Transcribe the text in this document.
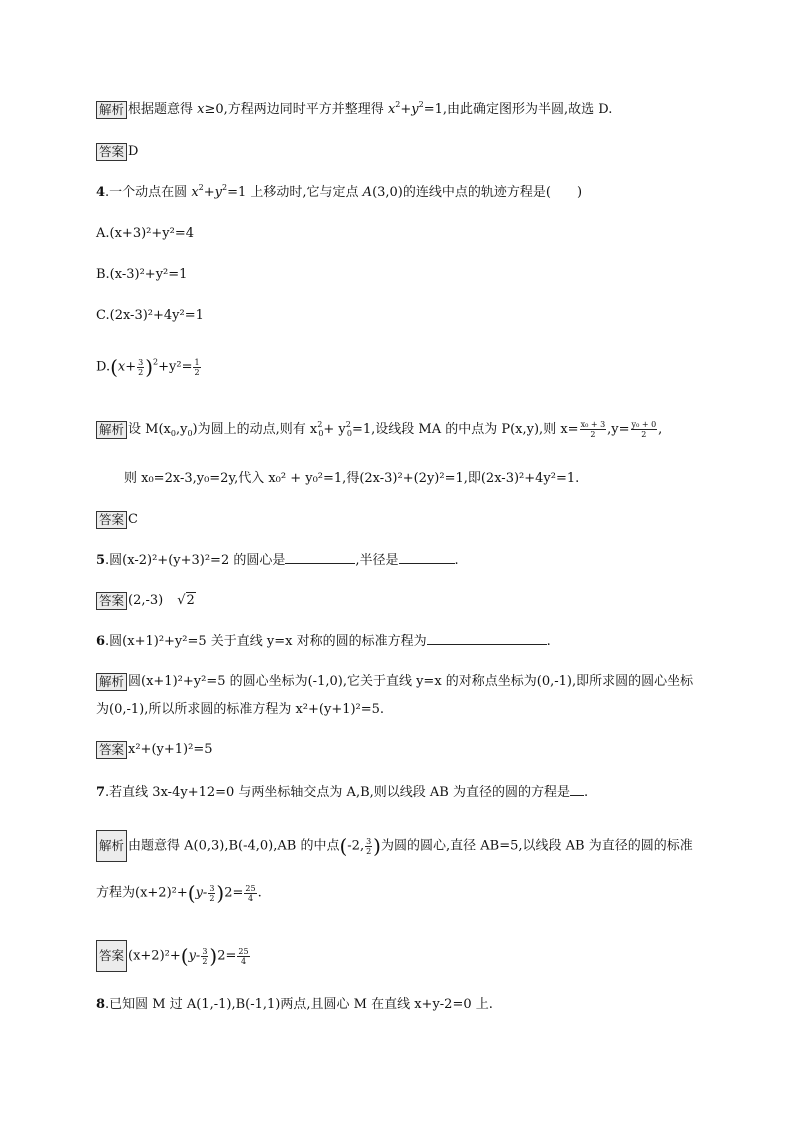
解析 根据题意得 x≥0,方程两边同时平方并整理得 $x^2+y^2=1$,由此确定图形为半圆,故选 D.
答案 D
4.一个动点在圆 $x^2+y^2=1$ 上移动时,它与定点 A(3,0)的连线中点的轨迹方程是(　　)
A.(x+3)²+y²=4
B.(x-3)²+y²=1
C.(2x-3)²+4y²=1
$D.(x+ \frac{3}{2} )^2+y^2= \frac{1}{2}$
解析 设 $M(x_0,y_0)$为圆上的动点,则有 $x^2_0+ y^2_0=1$,设线段 MA 的中点为 P(x,y),则 $x= \frac{\text{x₀ + 3}}{2} ,y= \frac{\text{y₀ + 0}}{2}$ ,
则 x₀=2x-3,y₀=2y,代入 x₀² + y₀²=1,得(2x-3)²+(2y)²=1,即(2x-3)²+4y²=1.
答案 C
5.圆(x-2)²+(y+3)²=2 的圆心是	,半径是	.
答案 (2,-3) √2
6.圆(x+1)²+y²=5 关于直线 y=x 对称的圆的标准方程为	.
解析 圆(x+1)²+y²=5 的圆心坐标为(-1,0),它关于直线 y=x 的对称点坐标为(0,-1),即所求圆的圆心坐标
为(0,-1),所以所求圆的标准方程为 x²+(y+1)²=5.
答案 x²+(y+1)²=5
7.若直线 3x-4y+12=0 与两坐标轴交点为 A,B,则以线段 AB 为直径的圆的方程是 .
解析 由题意得 A(0,3),B(-4,0),AB 的中点(-2, $\frac{3}{2}$ )为圆的圆心,直径 AB=5,以线段 AB 为直径的圆的标准
方程为$(x+2)^2+(y- \frac{3}{2} )2= \frac{25}{4}$ .
答案 $(x+2)^2+(y- \frac{3}{2} )2= \frac{25}{4}$
8.已知圆 M 过 A(1,-1),B(-1,1)两点,且圆心 M 在直线 x+y-2=0 上.
